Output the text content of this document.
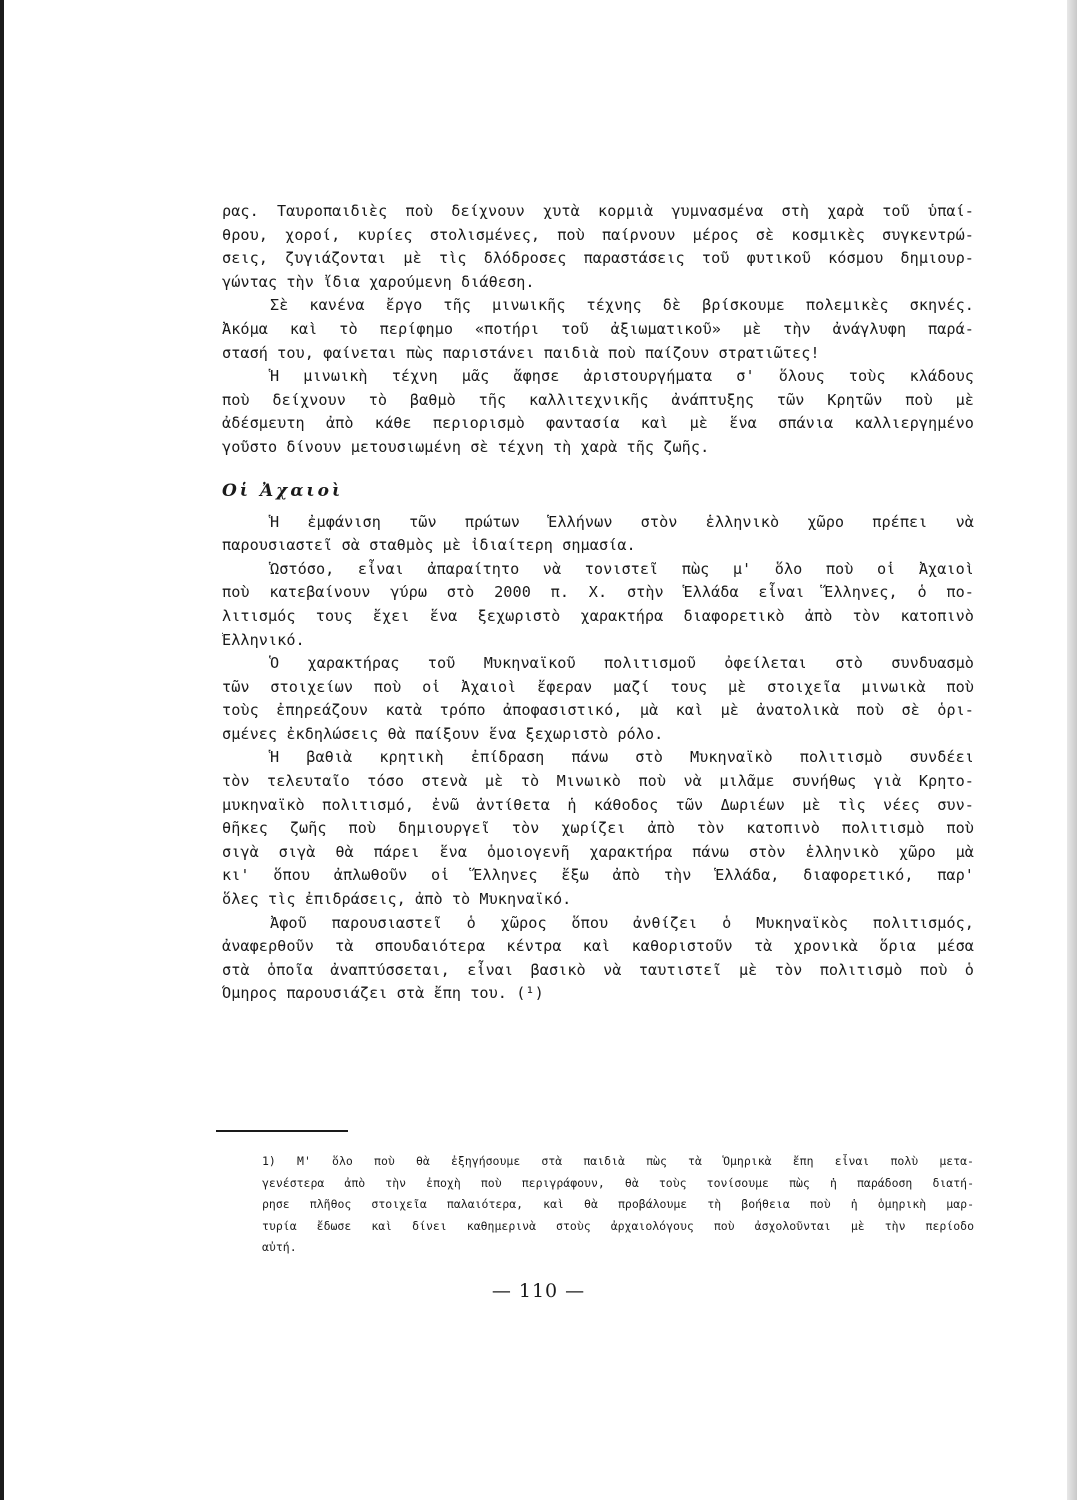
ρας. Ταυροπαιδιὲς ποὺ δείχνουν χυτὰ κορμιὰ γυμνασμένα στὴ χαρὰ τοῦ ὑπαί-
θρου, χοροί, κυρίες στολισμένες, ποὺ παίρνουν μέρος σὲ κοσμικὲς συγκεντρώ-
σεις, ζυγιάζονται μὲ τὶς δλόδροσες παραστάσεις τοῦ φυτικοῦ κόσμου δημιουρ-
γώντας τὴν ἴδια χαρούμενη διάθεση.
Σὲ κανένα ἔργο τῆς μινωικῆς τέχνης δὲ βρίσκουμε πολεμικὲς σκηνές.
Ἀκόμα καὶ τὸ περίφημο «ποτήρι τοῦ ἀξιωματικοῦ» μὲ τὴν ἀνάγλυφη παρά-
στασή του, φαίνεται πὼς παριστάνει παιδιὰ ποὺ παίζουν στρατιῶτες!
Ἡ μινωικὴ τέχνη μᾶς ἄφησε ἀριστουργήματα σ' ὅλους τοὺς κλάδους
ποὺ δείχνουν τὸ βαθμὸ τῆς καλλιτεχνικῆς ἀνάπτυξης τῶν Κρητῶν ποὺ μὲ
ἀδέσμευτη ἀπὸ κάθε περιορισμὸ φαντασία καὶ μὲ ἕνα σπάνια καλλιεργημένο
γοῦστο δίνουν μετουσιωμένη σὲ τέχνη τὴ χαρὰ τῆς ζωῆς.
Οἱ Ἀχαιοὶ
Ἡ ἐμφάνιση τῶν πρώτων Ἑλλήνων στὸν ἑλληνικὸ χῶρο πρέπει νὰ
παρουσιαστεῖ σὰ σταθμὸς μὲ ἰδιαίτερη σημασία.
Ὡστόσο, εἶναι ἀπαραίτητο νὰ τονιστεῖ πὼς μ' ὅλο ποὺ οἱ Ἀχαιοὶ
ποὺ κατεβαίνουν γύρω στὸ 2000 π. Χ. στὴν Ἑλλάδα εἶναι Ἕλληνες, ὁ πο-
λιτισμός τους ἔχει ἕνα ξεχωριστὸ χαρακτήρα διαφορετικὸ ἀπὸ τὸν κατοπινὸ
Ἑλληνικό.
Ὁ χαρακτήρας τοῦ Μυκηναϊκοῦ πολιτισμοῦ ὀφείλεται στὸ συνδυασμὸ
τῶν στοιχείων ποὺ οἱ Ἀχαιοὶ ἔφεραν μαζί τους μὲ στοιχεῖα μινωικὰ ποὺ
τοὺς ἐπηρεάζουν κατὰ τρόπο ἀποφασιστικό, μὰ καὶ μὲ ἀνατολικὰ ποὺ σὲ ὁρι-
σμένες ἐκδηλώσεις θὰ παίξουν ἕνα ξεχωριστὸ ρόλο.
Ἡ βαθιὰ κρητικὴ ἐπίδραση πάνω στὸ Μυκηναϊκὸ πολιτισμὸ συνδέει
τὸν τελευταῖο τόσο στενὰ μὲ τὸ Μινωικὸ ποὺ νὰ μιλᾶμε συνήθως γιὰ Κρητο-
μυκηναϊκὸ πολιτισμό, ἐνῶ ἀντίθετα ἡ κάθοδος τῶν Δωριέων μὲ τὶς νέες συν-
θῆκες ζωῆς ποὺ δημιουργεῖ τὸν χωρίζει ἀπὸ τὸν κατοπινὸ πολιτισμὸ ποὺ
σιγὰ σιγὰ θὰ πάρει ἕνα ὁμοιογενῆ χαρακτήρα πάνω στὸν ἑλληνικὸ χῶρο μὰ
κι' ὅπου ἀπλωθοῦν οἱ Ἕλληνες ἔξω ἀπὸ τὴν Ἑλλάδα, διαφορετικό, παρ'
ὅλες τὶς ἐπιδράσεις, ἀπὸ τὸ Μυκηναϊκό.
Ἀφοῦ παρουσιαστεῖ ὁ χῶρος ὅπου ἀνθίζει ὁ Μυκηναϊκὸς πολιτισμός,
ἀναφερθοῦν τὰ σπουδαιότερα κέντρα καὶ καθοριστοῦν τὰ χρονικὰ ὅρια μέσα
στὰ ὁποῖα ἀναπτύσσεται, εἶναι βασικὸ νὰ ταυτιστεῖ μὲ τὸν πολιτισμὸ ποὺ ὁ
Ὅμηρος παρουσιάζει στὰ ἔπη του. (¹)
1) Μ' ὅλο ποὺ θὰ ἐξηγήσουμε στὰ παιδιὰ πὼς τὰ Ὁμηρικὰ ἔπη εἶναι πολὺ μετα-
γενέστερα ἀπὸ τὴν ἐποχὴ ποὺ περιγράφουν, θὰ τοὺς τονίσουμε πὼς ἡ παράδοση διατή-
ρησε πλῆθος στοιχεῖα παλαιότερα, καὶ θὰ προβάλουμε τὴ βοήθεια ποὺ ἡ ὁμηρικὴ μαρ-
τυρία ἔδωσε καὶ δίνει καθημερινὰ στοὺς ἀρχαιολόγους ποὺ ἀσχολοῦνται μὲ τὴν περίοδο
αὐτή.
— 110 —
